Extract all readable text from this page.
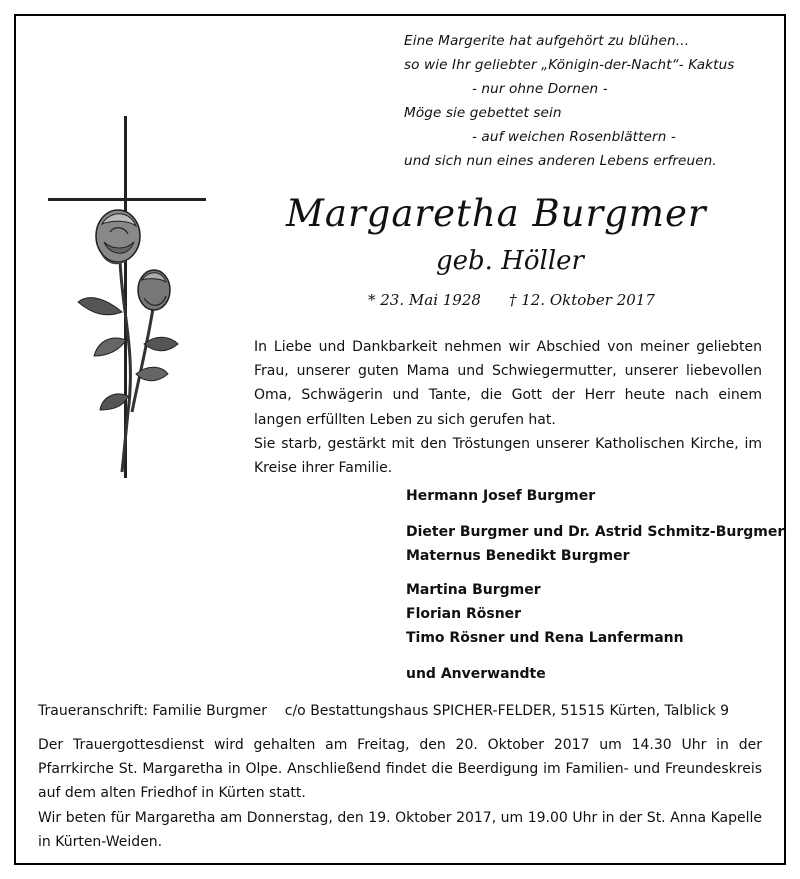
Eine Margerite hat aufgehört zu blühen…
so wie Ihr geliebter „Königin-der-Nacht“- Kaktus
- nur ohne Dornen -
Möge sie gebettet sein
- auf weichen Rosenblättern -
und sich nun eines anderen Lebens erfreuen.
Margaretha Burgmer
geb. Höller
* 23. Mai 1928 † 12. Oktober 2017

In Liebe und Dankbarkeit nehmen wir Abschied von meiner geliebten Frau, unserer guten Mama und Schwiegermutter, unserer liebevollen Oma, Schwägerin und Tante, die Gott der Herr heute nach einem langen erfüllten Leben zu sich gerufen hat.

Sie starb, gestärkt mit den Tröstungen unserer Katholischen Kirche, im Kreise ihrer Familie.

Hermann Josef Burgmer
Dieter Burgmer und Dr. Astrid Schmitz-Burgmer
Maternus Benedikt Burgmer
Martina Burgmer
Florian Rösner
Timo Rösner und Rena Lanfermann
und Anverwandte
Traueranschrift: Familie Burgmer    c/o Bestattungshaus SPICHER-FELDER, 51515 Kürten, Talblick 9

Der Trauergottesdienst wird gehalten am Freitag, den 20. Oktober 2017 um 14.30 Uhr in der Pfarrkirche St. Margaretha in Olpe. Anschließend findet die Beerdigung im Familien- und Freundeskreis auf dem alten Friedhof in Kürten statt.

Wir beten für Margaretha am Donnerstag, den 19. Oktober 2017, um 19.00 Uhr in der St. Anna Kapelle in Kürten-Weiden.
